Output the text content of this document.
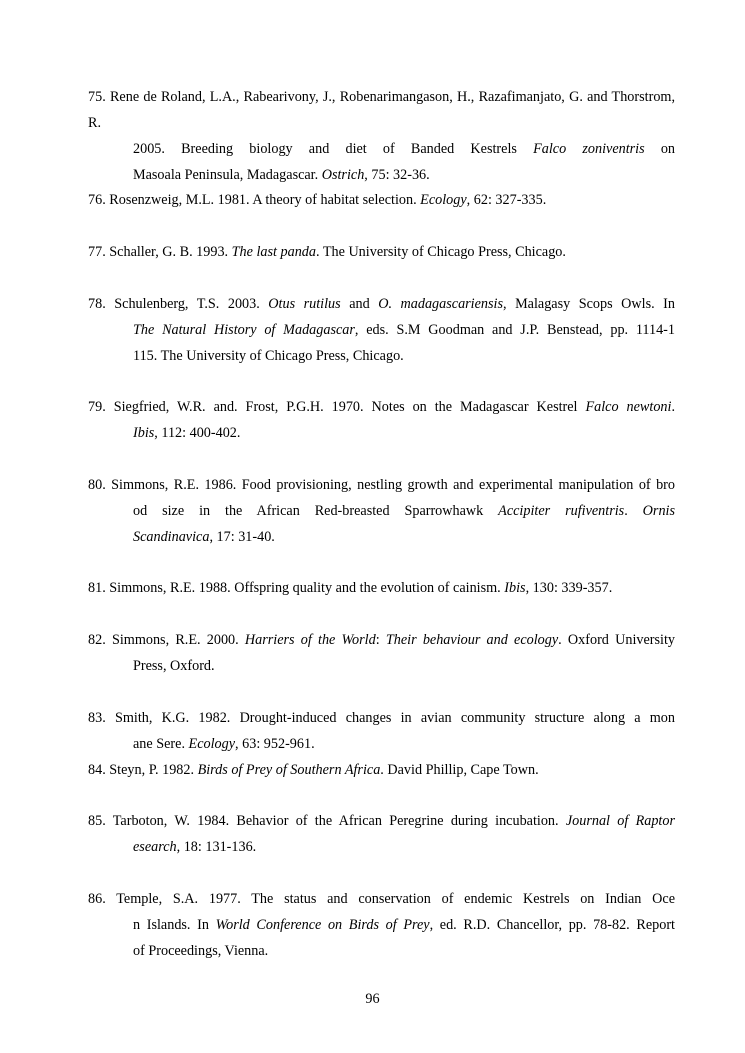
96
75. Rene de Roland, L.A., Rabearivony, J., Robenarimangason, H., Razafimanjato, G. and Thorstrom, R.
2005. Breeding biology and diet of Banded Kestrels Falco zoniventris on
Masoala Peninsula, Madagascar. Ostrich, 75: 32-36.
76. Rosenzweig, M.L. 1981. A theory of habitat selection. Ecology, 62: 327-335.
77. Schaller, G. B. 1993. The last panda. The University of Chicago Press, Chicago.
78. Schulenberg, T.S. 2003. Otus rutilus and O. madagascariensis, Malagasy Scops Owls. In
The Natural History of Madagascar, eds. S.M Goodman and J.P. Benstead, pp. 1114-1
115. The University of Chicago Press, Chicago.
79. Siegfried, W.R. and. Frost, P.G.H. 1970. Notes on the Madagascar Kestrel Falco newtoni.
Ibis, 112: 400-402.
80. Simmons, R.E. 1986. Food provisioning, nestling growth and experimental manipulation of bro
od size in the African Red-breasted Sparrowhawk Accipiter rufiventris. Ornis
Scandinavica, 17: 31-40.
81. Simmons, R.E. 1988. Offspring quality and the evolution of cainism. Ibis, 130: 339-357.
82. Simmons, R.E. 2000. Harriers of the World: Their behaviour and ecology. Oxford University
Press, Oxford.
83. Smith, K.G. 1982. Drought-induced changes in avian community structure along a mon
ane Sere. Ecology, 63: 952-961.
84. Steyn, P. 1982. Birds of Prey of Southern Africa. David Phillip, Cape Town.
85. Tarboton, W. 1984. Behavior of the African Peregrine during incubation. Journal of Raptor
esearch, 18: 131-136.
86. Temple, S.A. 1977. The status and conservation of endemic Kestrels on Indian Oce
n Islands. In World Conference on Birds of Prey, ed. R.D. Chancellor, pp. 78-82. Report
of Proceedings, Vienna.
